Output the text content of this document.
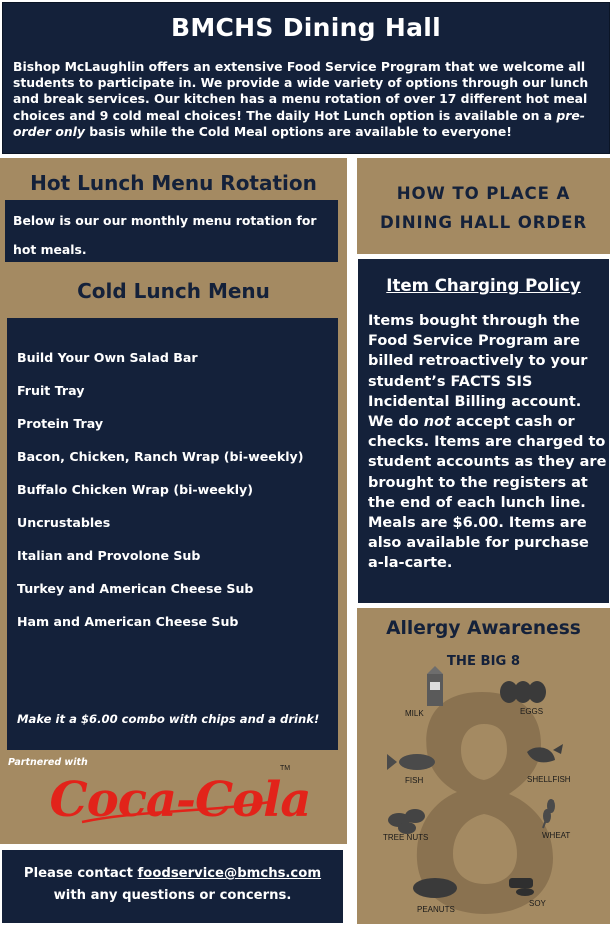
BMCHS Dining Hall

Bishop McLaughlin offers an extensive Food Service Program that we welcome all students to participate in. We provide a wide variety of options through our lunch and break services. Our kitchen has a menu rotation of over 17 different hot meal choices and 9 cold meal choices! The daily Hot Lunch option is available on a pre-order only basis while the Cold Meal options are available to everyone!

Hot Lunch Menu Rotation

Below is our our monthly menu rotation for hot meals.

Cold Lunch Menu
Build Your Own Salad Bar
Fruit Tray
Protein Tray
Bacon, Chicken, Ranch Wrap (bi-weekly)
Buffalo Chicken Wrap (bi-weekly)
Uncrustables
Italian and Provolone Sub
Turkey and American Cheese Sub
Ham and American Cheese Sub
Make it a $6.00 combo with chips and a drink!
Partnered with
Coca-Cola
TM

Please contact foodservice@bmchs.com
with any questions or concerns.

HOW TO PLACE A
DINING HALL ORDER
Item Charging Policy

Items bought through the Food Service Program are billed retroactively to your student’s FACTS SIS Incidental Billing account. We do not accept cash or checks. Items are charged to student accounts as they are brought to the registers at the end of each lunch line. Meals are $6.00. Items are also available for purchase a-la-carte.

Allergy Awareness
THE BIG 8
MILK	EGGS
FISH	SHELLFISH
TREE NUTS	WHEAT
PEANUTS
SOY
